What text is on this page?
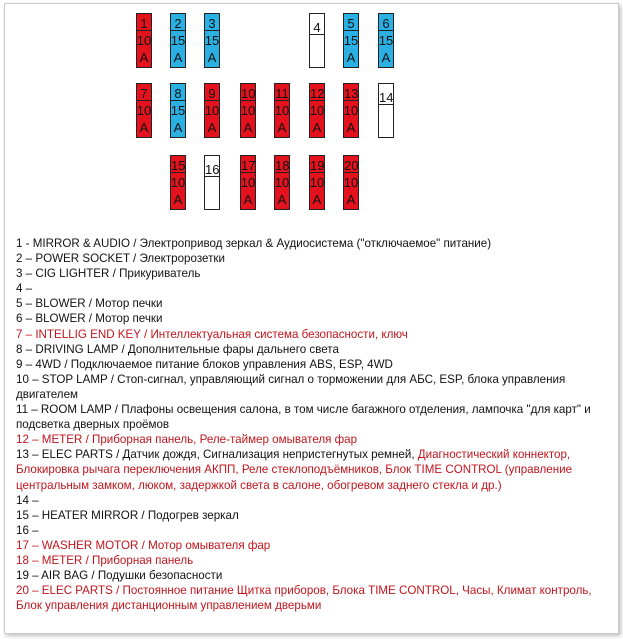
1
10
A
2
15
A
3
15
A
4 5
15
A
6
15
A
7
10
A
8
15
A
9
10
A
10
10
A
11
10
A
12
10
A
13
10
A
14
15
10
A
16 17
10
A
18
10
A
19
10
A
20
10
A
1 - MIRROR & AUDIO / Электропривод зеркал & Аудиосистема ("отключаемое" питание)
2 – POWER SOCKET / Электророзетки
3 – CIG LIGHTER / Прикуриватель
4 –
5 – BLOWER / Мотор печки
6 – BLOWER / Мотор печки
7 – INTELLIG END KEY / Интеллектуальная система безопасности, ключ
8 – DRIVING LAMP / Дополнительные фары дальнего света
9 – 4WD / Подключаемое питание блоков управления ABS, ESP, 4WD
10 – STOP LAMP / Стоп-сигнал, управляющий сигнал о торможении для АБС, ESP, блока управления двигателем
11 – ROOM LAMP / Плафоны освещения салона, в том числе багажного отделения, лампочка "для карт" и подсветка дверных проёмов
12 – METER / Приборная панель, Реле-таймер омывателя фар
13 – ELEC PARTS / Датчик дождя, Сигнализация непристегнутых ремней, Диагностический коннектор, Блокировка рычага переключения АКПП, Реле стеклоподъёмников, Блок TIME CONTROL (управление центральным замком, люком, задержкой света в салоне, обогревом заднего стекла и др.)
14 –
15 – HEATER MIRROR / Подогрев зеркал
16 –
17 – WASHER MOTOR / Мотор омывателя фар
18 – METER / Приборная панель
19 – AIR BAG / Подушки безопасности
20 – ELEC PARTS / Постоянное питание Щитка приборов, Блока TIME CONTROL, Часы, Климат контроль, Блок управления дистанционным управлением дверьми
